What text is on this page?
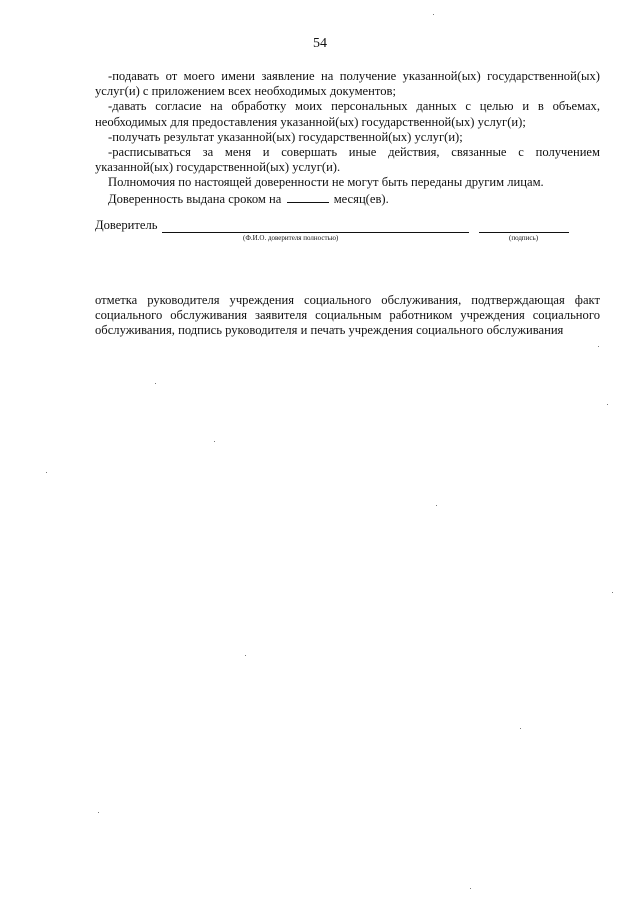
54

-подавать от моего имени заявление на получение указанной(ых) государственной(ых) услуг(и) с приложением всех необходимых документов;

-давать согласие на обработку моих персональных данных с целью и в объемах, необходимых для предоставления указанной(ых) государственной(ых) услуг(и);

-получать результат указанной(ых) государственной(ых) услуг(и);

-расписываться за меня и совершать иные действия, связанные с получением указанной(ых) государственной(ых) услуг(и).

Полномочия по настоящей доверенности не могут быть переданы другим лицам.

Доверенность выдана сроком на	месяц(ев).

Доверитель
(Ф.И.О. доверителя полностью)	(подпись)

отметка руководителя учреждения социального обслуживания, подтверждающая факт социального обслуживания заявителя социальным работником учреждения социального обслуживания, подпись руководителя и печать учреждения социального обслуживания
